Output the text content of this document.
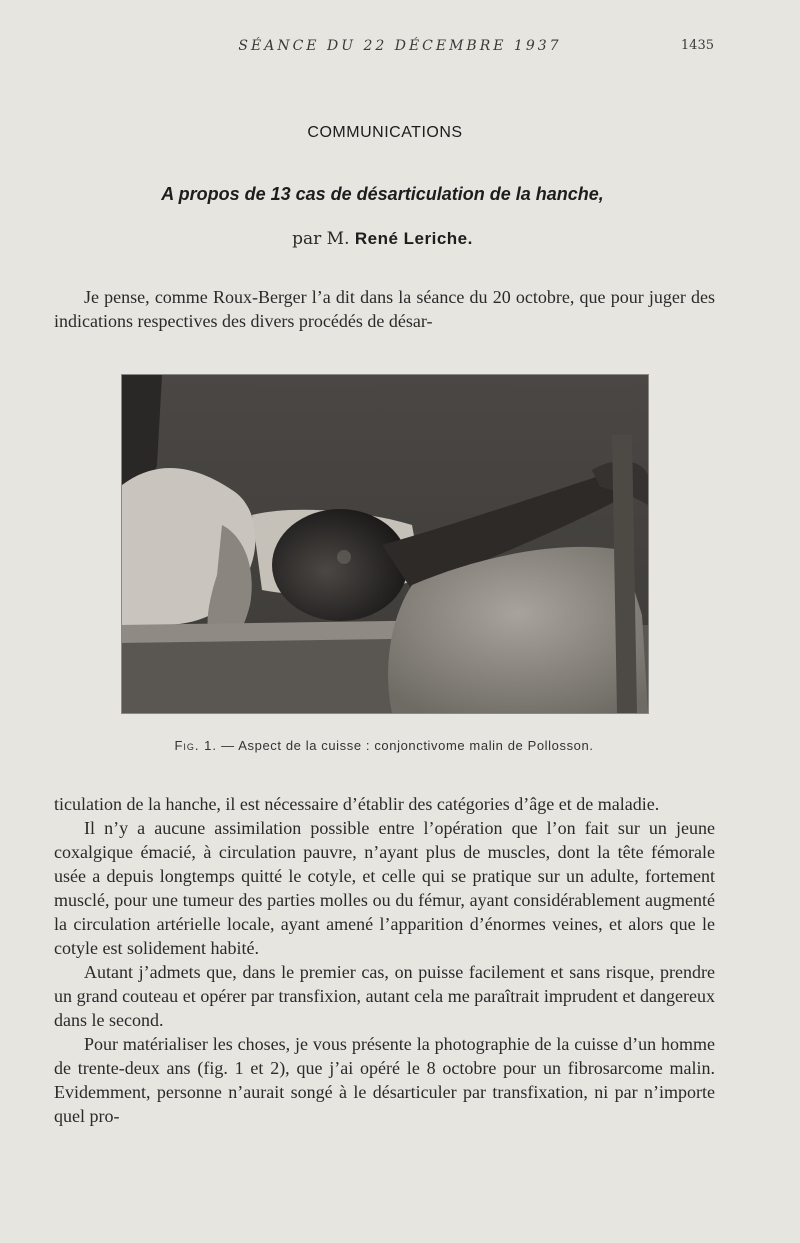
SÉANCE DU 22 DÉCEMBRE 1937	1435
COMMUNICATIONS
A propos de 13 cas de désarticulation de la hanche,
par M. René Leriche.

Je pense, comme Roux-Berger l’a dit dans la séance du 20 octobre, que pour juger des indications respectives des divers procédés de désar-

Fig. 1. — Aspect de la cuisse : conjonctivome malin de Pollosson.

ticulation de la hanche, il est nécessaire d’établir des catégories d’âge et de maladie.

Il n’y a aucune assimilation possible entre l’opération que l’on fait sur un jeune coxalgique émacié, à circulation pauvre, n’ayant plus de muscles, dont la tête fémorale usée a depuis longtemps quitté le cotyle, et celle qui se pratique sur un adulte, fortement musclé, pour une tumeur des parties molles ou du fémur, ayant considérablement augmenté la circulation artérielle locale, ayant amené l’apparition d’énormes veines, et alors que le cotyle est solidement habité.

Autant j’admets que, dans le premier cas, on puisse facilement et sans risque, prendre un grand couteau et opérer par transfixion, autant cela me paraîtrait imprudent et dangereux dans le second.

Pour matérialiser les choses, je vous présente la photographie de la cuisse d’un homme de trente-deux ans (fig. 1 et 2), que j’ai opéré le 8 octobre pour un fibrosarcome malin. Evidemment, personne n’aurait songé à le désarticuler par transfixation, ni par n’importe quel pro-
